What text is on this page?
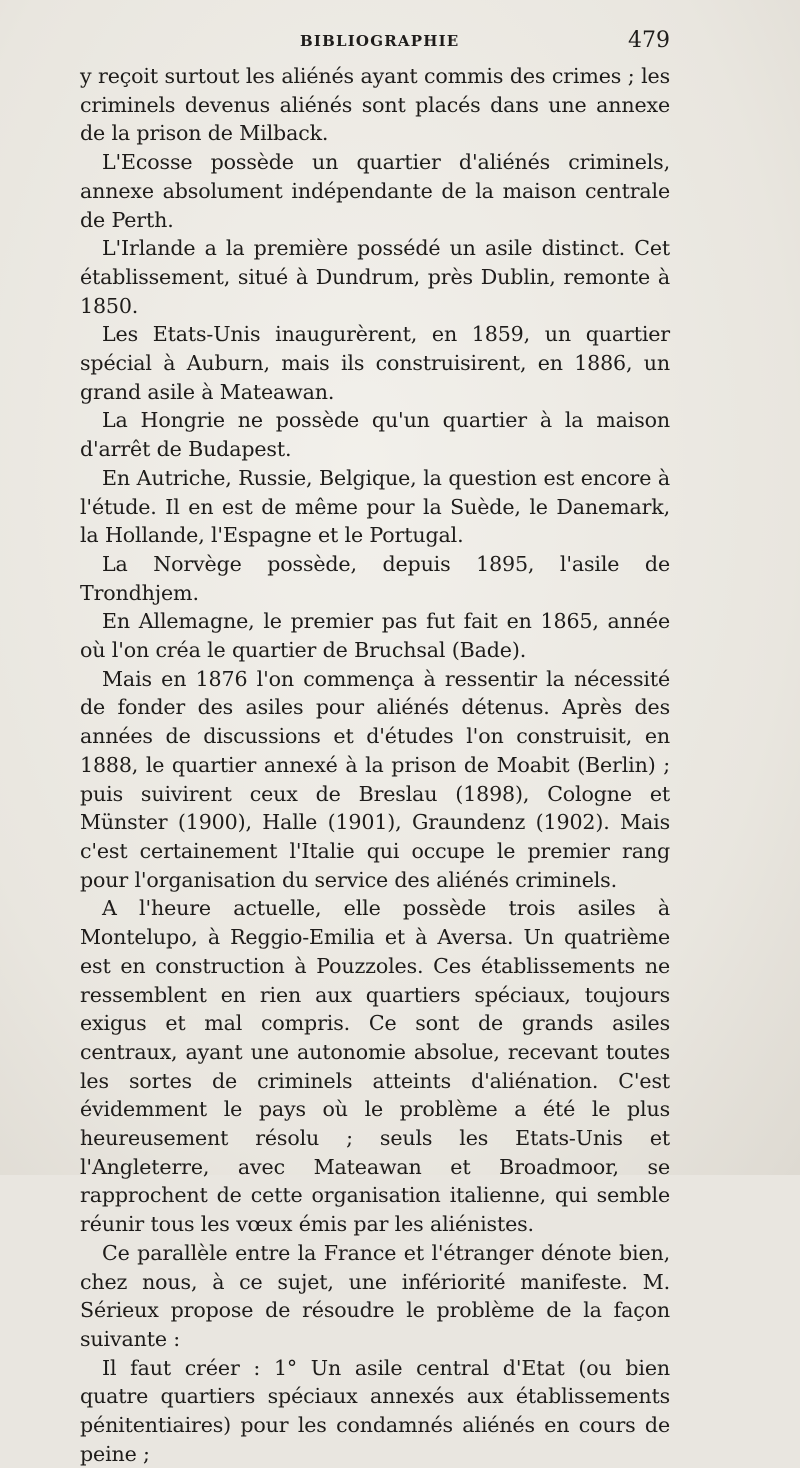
BIBLIOGRAPHIE	479

y reçoit surtout les aliénés ayant commis des crimes ; les criminels devenus aliénés sont placés dans une annexe de la prison de Milback.

L'Ecosse possède un quartier d'aliénés criminels, annexe absolument indépendante de la maison centrale de Perth.

L'Irlande a la première possédé un asile distinct. Cet établissement, situé à Dundrum, près Dublin, remonte à 1850.

Les Etats-Unis inaugurèrent, en 1859, un quartier spécial à Auburn, mais ils construisirent, en 1886, un grand asile à Mateawan.

La Hongrie ne possède qu'un quartier à la maison d'arrêt de Budapest.

En Autriche, Russie, Belgique, la question est encore à l'étude. Il en est de même pour la Suède, le Danemark, la Hollande, l'Espagne et le Portugal.

La Norvège possède, depuis 1895, l'asile de Trondhjem.

En Allemagne, le premier pas fut fait en 1865, année où l'on créa le quartier de Bruchsal (Bade).

Mais en 1876 l'on commença à ressentir la nécessité de fonder des asiles pour aliénés détenus. Après des années de discussions et d'études l'on construisit, en 1888, le quartier annexé à la prison de Moabit (Berlin) ; puis suivirent ceux de Breslau (1898), Cologne et Münster (1900), Halle (1901), Graundenz (1902). Mais c'est certainement l'Italie qui occupe le premier rang pour l'organisation du service des aliénés criminels.

A l'heure actuelle, elle possède trois asiles à Montelupo, à Reggio-Emilia et à Aversa. Un quatrième est en construction à Pouzzoles. Ces établissements ne ressemblent en rien aux quartiers spéciaux, toujours exigus et mal compris. Ce sont de grands asiles centraux, ayant une autonomie absolue, recevant toutes les sortes de criminels atteints d'aliénation. C'est évidemment le pays où le problème a été le plus heureusement résolu ; seuls les Etats-Unis et l'Angleterre, avec Mateawan et Broadmoor, se rapprochent de cette organisation italienne, qui semble réunir tous les vœux émis par les aliénistes.

Ce parallèle entre la France et l'étranger dénote bien, chez nous, à ce sujet, une infériorité manifeste. M. Sérieux propose de résoudre le problème de la façon suivante :

Il faut créer : 1° Un asile central d'Etat (ou bien quatre quartiers spéciaux annexés aux établissements pénitentiaires) pour les condamnés aliénés en cours de peine ;
